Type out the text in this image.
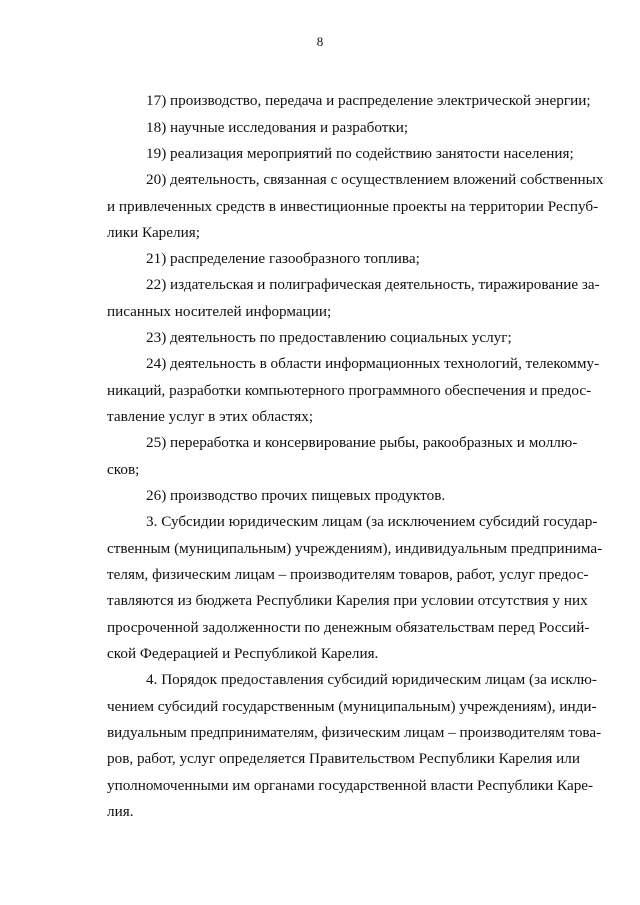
8
17) производство, передача и распределение электрической энергии;
18) научные исследования и разработки;
19) реализация мероприятий по содействию занятости населения;
20) деятельность, связанная с осуществлением вложений собственных
и привлеченных средств в инвестиционные проекты на территории Респуб-
лики Карелия;
21) распределение газообразного топлива;
22) издательская и полиграфическая деятельность, тиражирование за-
писанных носителей информации;
23) деятельность по предоставлению социальных услуг;
24) деятельность в области информационных технологий, телекомму-
никаций, разработки компьютерного программного обеспечения и предос-
тавление услуг в этих областях;
25) переработка и консервирование рыбы, ракообразных и моллю-
сков;
26) производство прочих пищевых продуктов.
3. Субсидии юридическим лицам (за исключением субсидий государ-
ственным (муниципальным) учреждениям), индивидуальным предпринима-
телям, физическим лицам – производителям товаров, работ, услуг предос-
тавляются из бюджета Республики Карелия при условии отсутствия у них
просроченной задолженности по денежным обязательствам перед Россий-
ской Федерацией и Республикой Карелия.
4. Порядок предоставления субсидий юридическим лицам (за исклю-
чением субсидий государственным (муниципальным) учреждениям), инди-
видуальным предпринимателям, физическим лицам – производителям това-
ров, работ, услуг определяется Правительством Республики Карелия или
уполномоченными им органами государственной власти Республики Каре-
лия.
